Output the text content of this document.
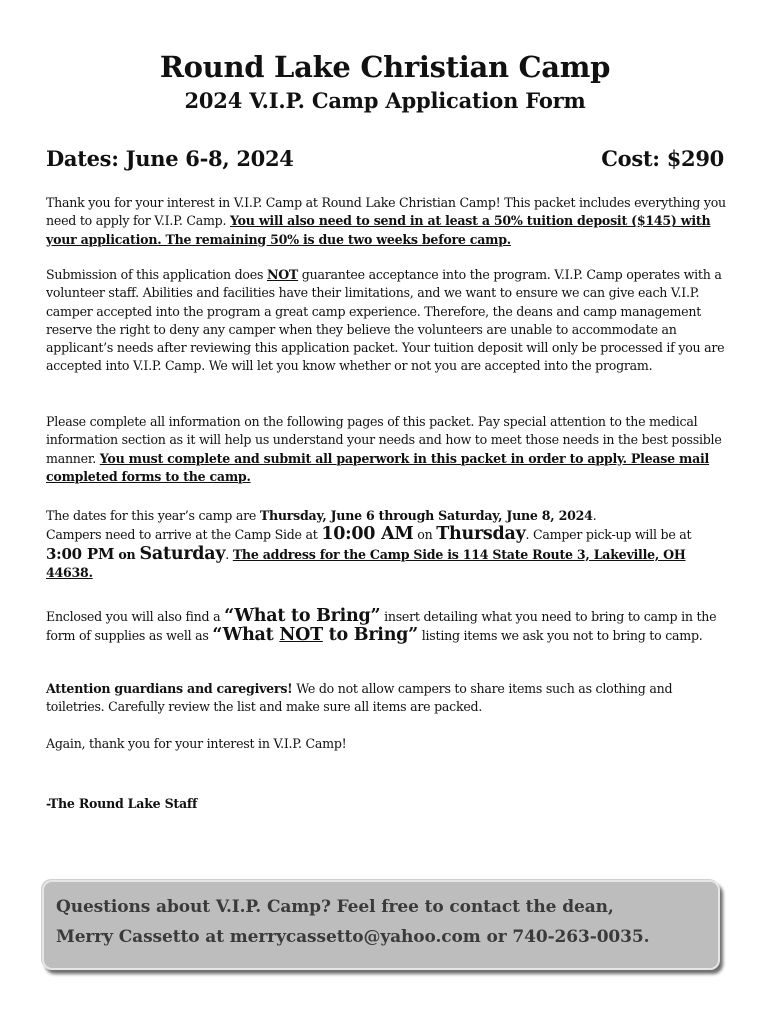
Round Lake Christian Camp
2024 V.I.P. Camp Application Form
Dates: June 6-8, 2024	Cost: $290
Thank you for your interest in V.I.P. Camp at Round Lake Christian Camp! This packet includes everything you need to apply for V.I.P. Camp. You will also need to send in at least a 50% tuition deposit ($145) with your application. The remaining 50% is due two weeks before camp.
Submission of this application does NOT guarantee acceptance into the program. V.I.P. Camp operates with a volunteer staff. Abilities and facilities have their limitations, and we want to ensure we can give each V.I.P. camper accepted into the program a great camp experience. Therefore, the deans and camp management reserve the right to deny any camper when they believe the volunteers are unable to accommodate an applicant’s needs after reviewing this application packet. Your tuition deposit will only be processed if you are accepted into V.I.P. Camp. We will let you know whether or not you are accepted into the program.
Please complete all information on the following pages of this packet. Pay special attention to the medical information section as it will help us understand your needs and how to meet those needs in the best possible manner. You must complete and submit all paperwork in this packet in order to apply. Please mail completed forms to the camp.
The dates for this year’s camp are Thursday, June 6 through Saturday, June 8, 2024.
Campers need to arrive at the Camp Side at 10:00 AM on Thursday. Camper pick-up will be at
3:00 PM on Saturday. The address for the Camp Side is 114 State Route 3, Lakeville, OH 44638.
Enclosed you will also find a “What to Bring” insert detailing what you need to bring to camp in the form of supplies as well as “What NOT to Bring” listing items we ask you not to bring to camp.
Attention guardians and caregivers! We do not allow campers to share items such as clothing and toiletries. Carefully review the list and make sure all items are packed.
Again, thank you for your interest in V.I.P. Camp!
-The Round Lake Staff
Questions about V.I.P. Camp? Feel free to contact the dean, Merry Cassetto at merrycassetto@yahoo.com or 740-263-0035.
